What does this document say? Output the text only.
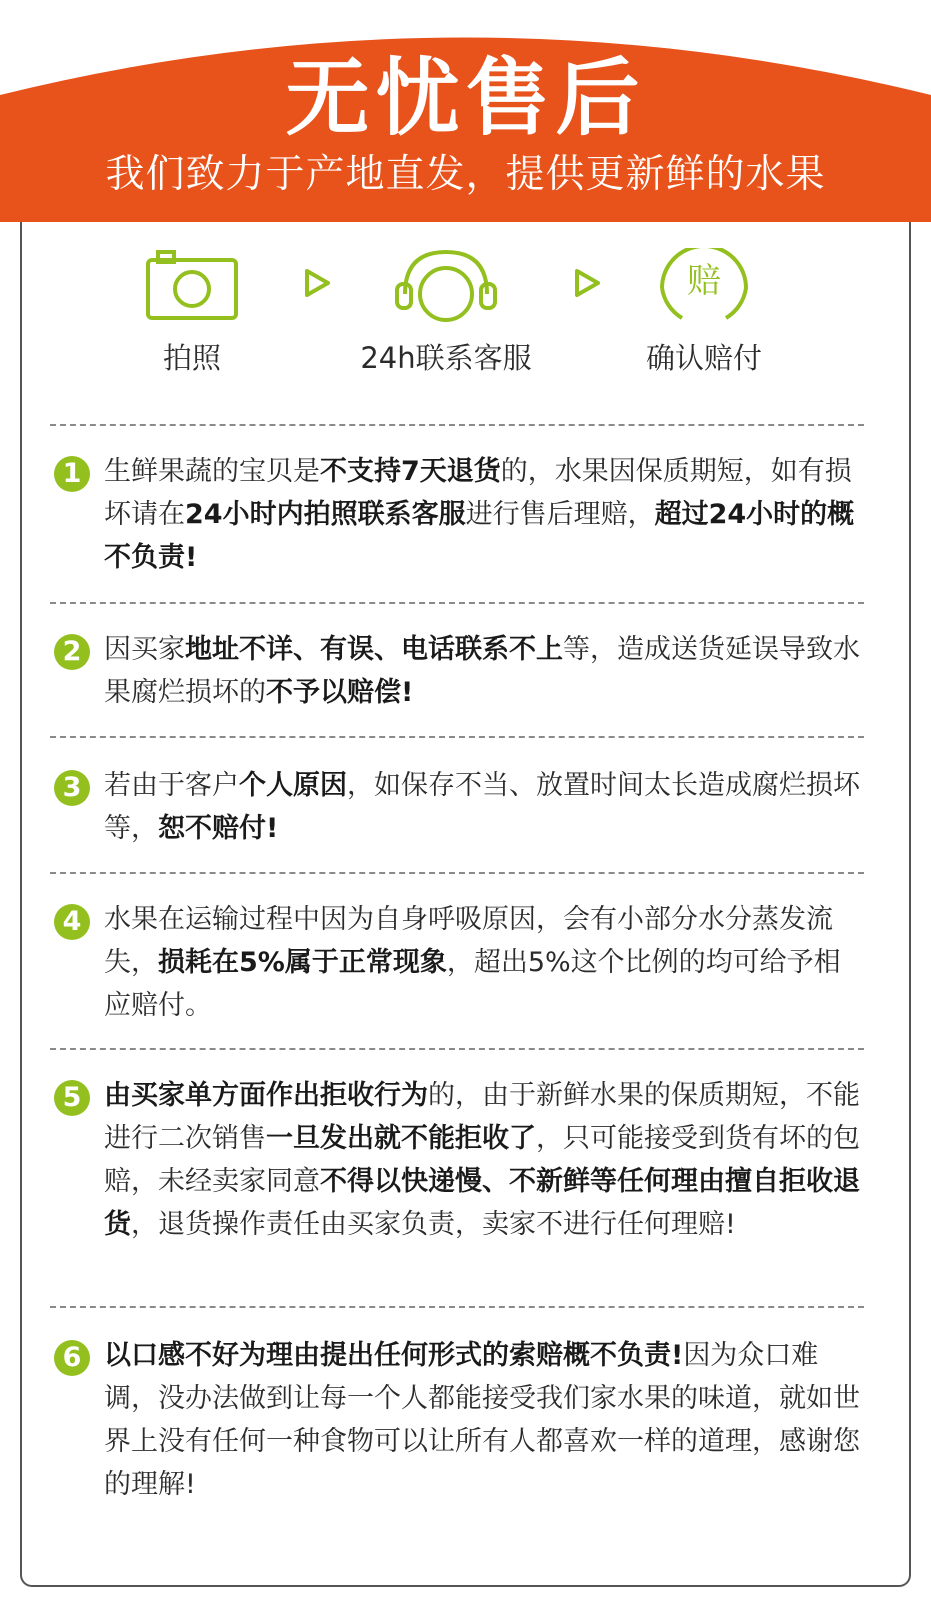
无忧售后
我们致力于产地直发，提供更新鲜的水果
拍照	24h联系客服
赔
确认赔付
1 生鲜果蔬的宝贝是不支持7天退货的，水果因保质期短，如有损坏请在24小时内拍照联系客服进行售后理赔，超过24小时的概不负责!
2 因买家地址不详、有误、电话联系不上等，造成送货延误导致水果腐烂损坏的不予以赔偿!
3 若由于客户个人原因，如保存不当、放置时间太长造成腐烂损坏等，恕不赔付!
4 水果在运输过程中因为自身呼吸原因，会有小部分水分蒸发流失，损耗在5%属于正常现象，超出5%这个比例的均可给予相应赔付。
5 由买家单方面作出拒收行为的，由于新鲜水果的保质期短，不能进行二次销售一旦发出就不能拒收了，只可能接受到货有坏的包赔，未经卖家同意不得以快递慢、不新鲜等任何理由擅自拒收退货，退货操作责任由买家负责，卖家不进行任何理赔!
6 以口感不好为理由提出任何形式的索赔概不负责!因为众口难调，没办法做到让每一个人都能接受我们家水果的味道，就如世界上没有任何一种食物可以让所有人都喜欢一样的道理，感谢您的理解!
